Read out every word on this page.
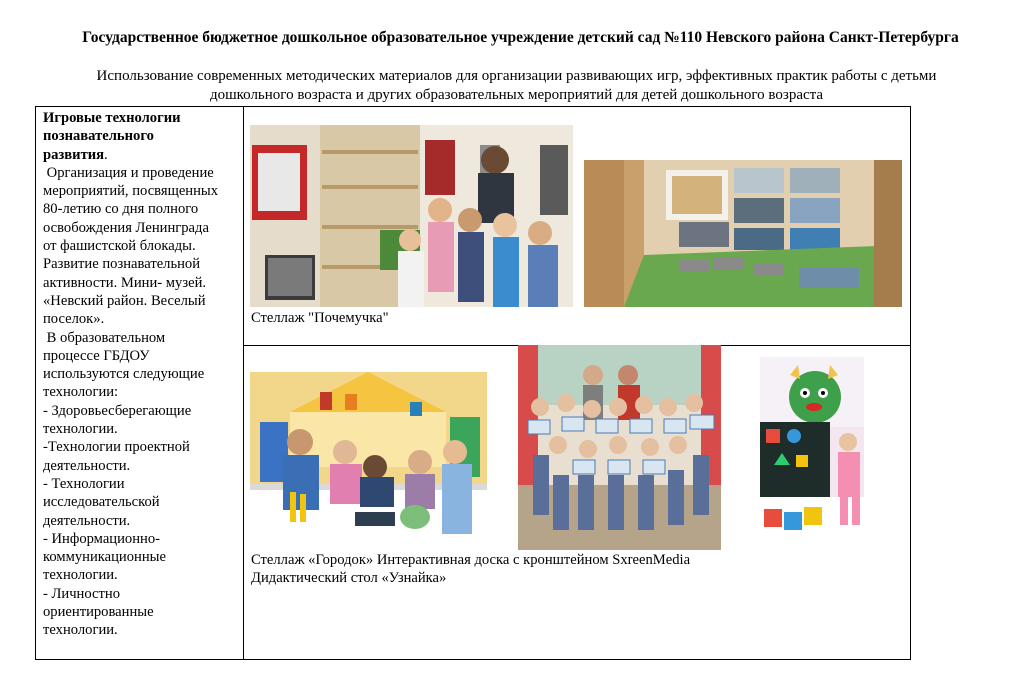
Государственное бюджетное дошкольное образовательное учреждение детский сад №110 Невского района Санкт-Петербурга
Использование современных методических материалов для организации развивающих игр, эффективных практик работы с детьми
дошкольного возраста и других образовательных мероприятий для детей дошкольного возраста

Игровые технологии

познавательного

развития.

Организация и проведение

мероприятий, посвященных

80-летию со дня полного

освобождения Ленинграда

от фашистской блокады.

Развитие познавательной

активности. Мини- музей.

«Невский район. Веселый

поселок».

В образовательном

процессе ГБДОУ

используются следующие

технологии:

- Здоровьесберегающие

технологии.

-Технологии проектной

деятельности.

- Технологии

исследовательской

деятельности.

- Информационно-

коммуникационные

технологии.

- Личностно

ориентированные

технологии.

Стеллаж "Почемучка"
Стеллаж «Городок» Интерактивная доска с кронштейном SxreenMedia
Дидактический стол «Узнайка»
